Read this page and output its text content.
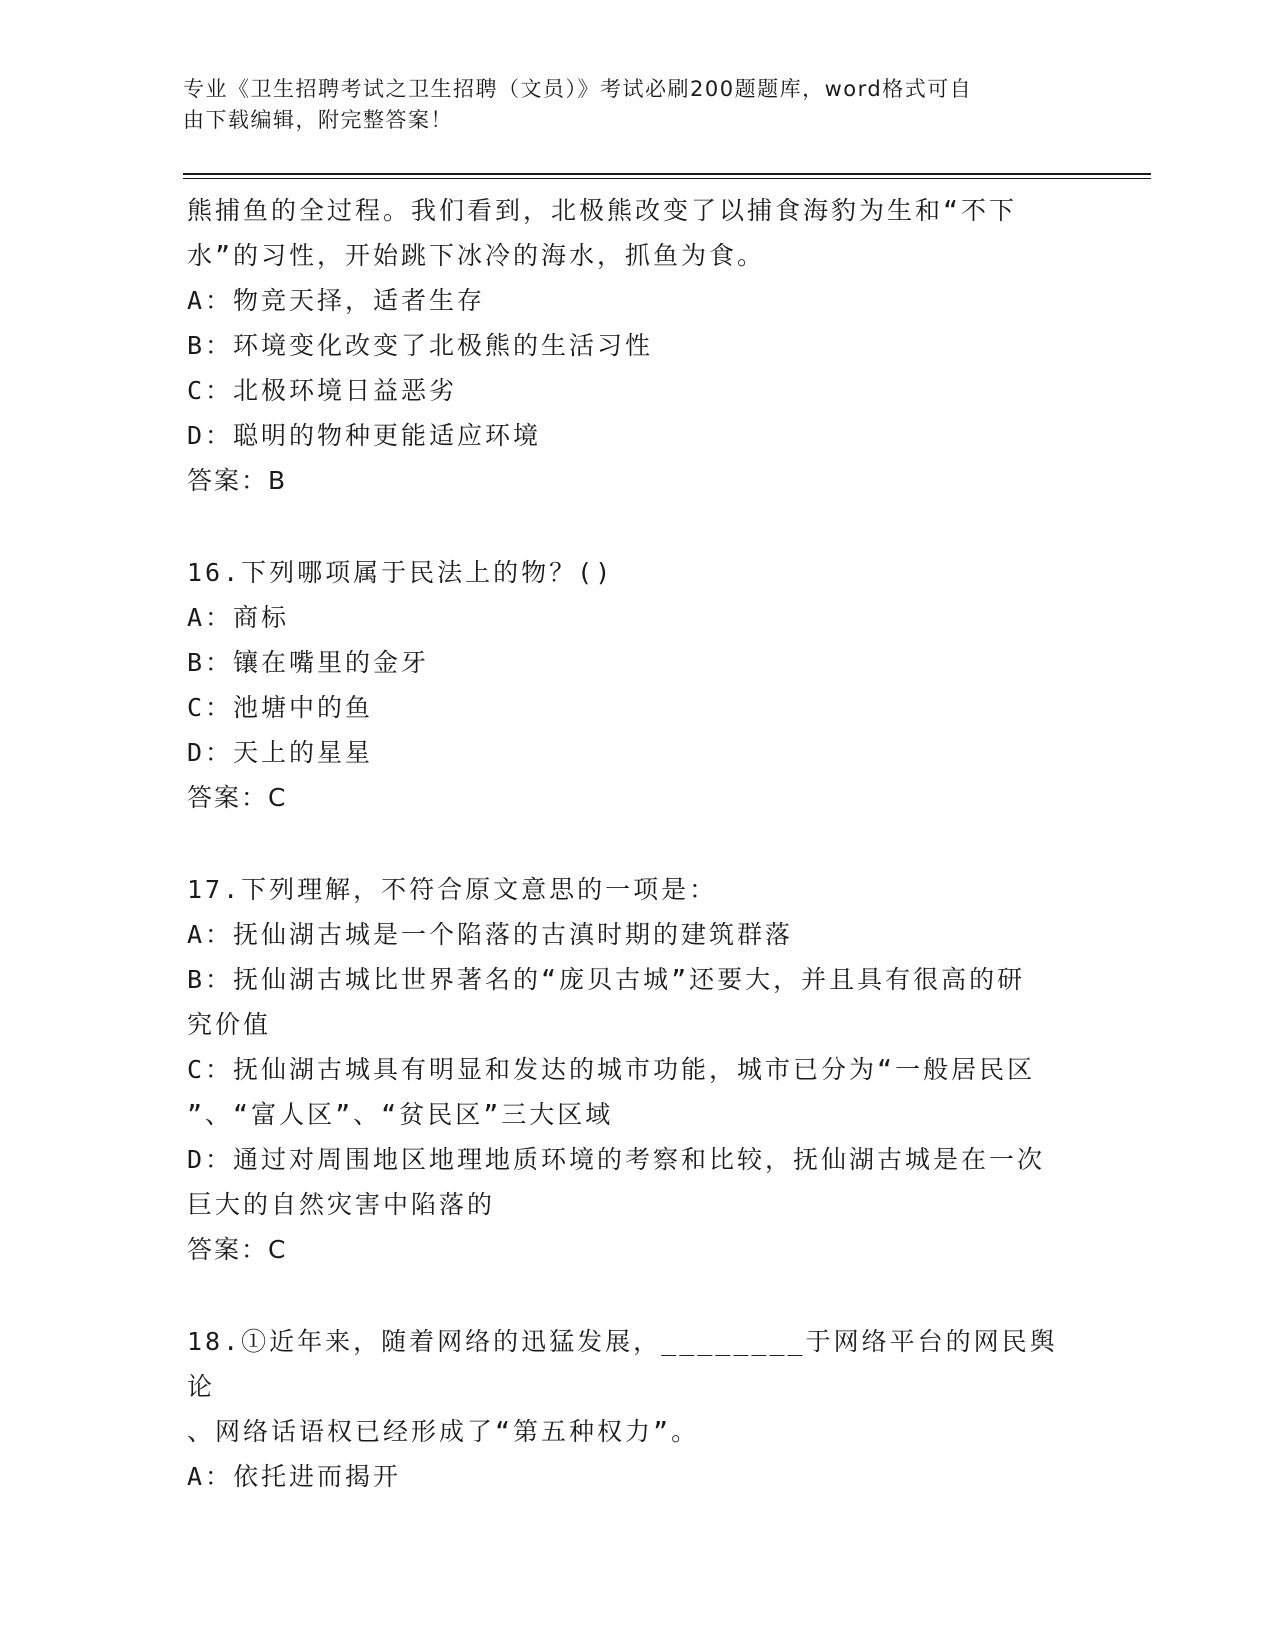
专业《卫生招聘考试之卫生招聘（文员）》考试必刷200题题库，word格式可自
由下载编辑，附完整答案！
熊捕鱼的全过程。我们看到，北极熊改变了以捕食海豹为生和“不下
水”的习性，开始跳下冰冷的海水，抓鱼为食。
A：物竞天择，适者生存
B：环境变化改变了北极熊的生活习性
C：北极环境日益恶劣
D：聪明的物种更能适应环境
答案：B
16.下列哪项属于民法上的物？()
A：商标
B：镶在嘴里的金牙
C：池塘中的鱼
D：天上的星星
答案：C
17.下列理解，不符合原文意思的一项是：
A：抚仙湖古城是一个陷落的古滇时期的建筑群落
B：抚仙湖古城比世界著名的“庞贝古城”还要大，并且具有很高的研
究价值
C：抚仙湖古城具有明显和发达的城市功能，城市已分为“一般居民区
”、“富人区”、“贫民区”三大区域
D：通过对周围地区地理地质环境的考察和比较，抚仙湖古城是在一次
巨大的自然灾害中陷落的
答案：C
18.①近年来，随着网络的迅猛发展，________于网络平台的网民舆论
、网络话语权已经形成了“第五种权力”。
A：依托进而揭开
